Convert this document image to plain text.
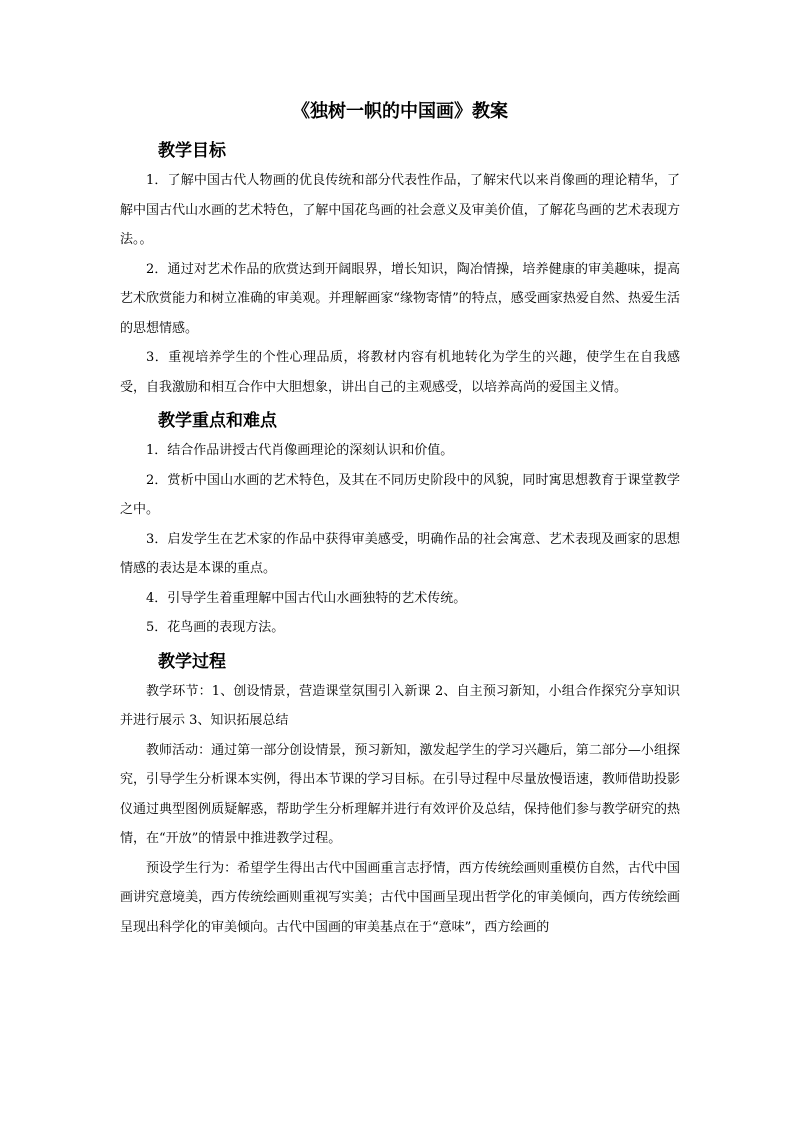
《独树一帜的中国画》教案
教学目标

1．了解中国古代人物画的优良传统和部分代表性作品，了解宋代以来肖像画的理论精华，了解中国古代山水画的艺术特色，了解中国花鸟画的社会意义及审美价值，了解花鸟画的艺术表现方法。。

2．通过对艺术作品的欣赏达到开阔眼界，增长知识，陶冶情操，培养健康的审美趣味，提高艺术欣赏能力和树立准确的审美观。并理解画家“缘物寄情”的特点，感受画家热爱自然、热爱生活的思想情感。

3．重视培养学生的个性心理品质，将教材内容有机地转化为学生的兴趣，使学生在自我感受，自我激励和相互合作中大胆想象，讲出自己的主观感受，以培养高尚的爱国主义情。

教学重点和难点

1．结合作品讲授古代肖像画理论的深刻认识和价值。

2．赏析中国山水画的艺术特色，及其在不同历史阶段中的风貌，同时寓思想教育于课堂教学之中。

3．启发学生在艺术家的作品中获得审美感受，明确作品的社会寓意、艺术表现及画家的思想情感的表达是本课的重点。

4．引导学生着重理解中国古代山水画独特的艺术传统。

5．花鸟画的表现方法。

教学过程

教学环节：1、创设情景，营造课堂氛围引入新课 2、自主预习新知，小组合作探究分享知识并进行展示 3、知识拓展总结

教师活动：通过第一部分创设情景，预习新知，激发起学生的学习兴趣后，第二部分—小组探究，引导学生分析课本实例，得出本节课的学习目标。在引导过程中尽量放慢语速，教师借助投影仪通过典型图例质疑解惑，帮助学生分析理解并进行有效评价及总结，保持他们参与教学研究的热情，在“开放”的情景中推进教学过程。

预设学生行为：希望学生得出古代中国画重言志抒情，西方传统绘画则重模仿自然，古代中国画讲究意境美，西方传统绘画则重视写实美；古代中国画呈现出哲学化的审美倾向，西方传统绘画呈现出科学化的审美倾向。古代中国画的审美基点在于“意味”，西方绘画的
